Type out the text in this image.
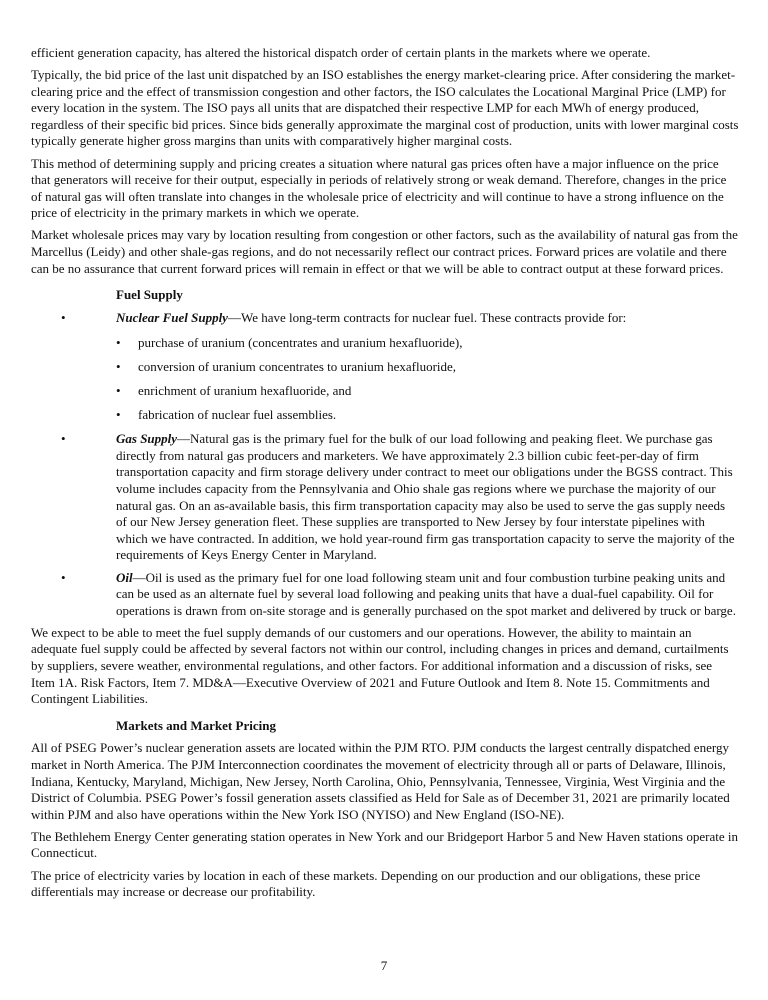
efficient generation capacity, has altered the historical dispatch order of certain plants in the markets where we operate.

Typically, the bid price of the last unit dispatched by an ISO establishes the energy market-clearing price. After considering the market-clearing price and the effect of transmission congestion and other factors, the ISO calculates the Locational Marginal Price (LMP) for every location in the system. The ISO pays all units that are dispatched their respective LMP for each MWh of energy produced, regardless of their specific bid prices. Since bids generally approximate the marginal cost of production, units with lower marginal costs typically generate higher gross margins than units with comparatively higher marginal costs.

This method of determining supply and pricing creates a situation where natural gas prices often have a major influence on the price that generators will receive for their output, especially in periods of relatively strong or weak demand. Therefore, changes in the price of natural gas will often translate into changes in the wholesale price of electricity and will continue to have a strong influence on the price of electricity in the primary markets in which we operate.

Market wholesale prices may vary by location resulting from congestion or other factors, such as the availability of natural gas from the Marcellus (Leidy) and other shale-gas regions, and do not necessarily reflect our contract prices. Forward prices are volatile and there can be no assurance that current forward prices will remain in effect or that we will be able to contract output at these forward prices.

Fuel Supply
•	Nuclear Fuel Supply—We have long-term contracts for nuclear fuel. These contracts provide for:
• purchase of uranium (concentrates and uranium hexafluoride),
• conversion of uranium concentrates to uranium hexafluoride,
• enrichment of uranium hexafluoride, and
• fabrication of nuclear fuel assemblies.
•	Gas Supply—Natural gas is the primary fuel for the bulk of our load following and peaking fleet. We purchase gas directly from natural gas producers and marketers. We have approximately 2.3 billion cubic feet-per-day of firm transportation capacity and firm storage delivery under contract to meet our obligations under the BGSS contract. This volume includes capacity from the Pennsylvania and Ohio shale gas regions where we purchase the majority of our natural gas. On an as-available basis, this firm transportation capacity may also be used to serve the gas supply needs of our New Jersey generation fleet. These supplies are transported to New Jersey by four interstate pipelines with which we have contracted. In addition, we hold year-round firm gas transportation capacity to serve the majority of the requirements of Keys Energy Center in Maryland.
•	Oil—Oil is used as the primary fuel for one load following steam unit and four combustion turbine peaking units and can be used as an alternate fuel by several load following and peaking units that have a dual-fuel capability. Oil for operations is drawn from on-site storage and is generally purchased on the spot market and delivered by truck or barge.

We expect to be able to meet the fuel supply demands of our customers and our operations. However, the ability to maintain an adequate fuel supply could be affected by several factors not within our control, including changes in prices and demand, curtailments by suppliers, severe weather, environmental regulations, and other factors. For additional information and a discussion of risks, see Item 1A. Risk Factors, Item 7. MD&A—Executive Overview of 2021 and Future Outlook and Item 8. Note 15. Commitments and Contingent Liabilities.

Markets and Market Pricing

All of PSEG Power’s nuclear generation assets are located within the PJM RTO. PJM conducts the largest centrally dispatched energy market in North America. The PJM Interconnection coordinates the movement of electricity through all or parts of Delaware, Illinois, Indiana, Kentucky, Maryland, Michigan, New Jersey, North Carolina, Ohio, Pennsylvania, Tennessee, Virginia, West Virginia and the District of Columbia. PSEG Power’s fossil generation assets classified as Held for Sale as of December 31, 2021 are primarily located within PJM and also have operations within the New York ISO (NYISO) and New England (ISO-NE).

The Bethlehem Energy Center generating station operates in New York and our Bridgeport Harbor 5 and New Haven stations operate in Connecticut.

The price of electricity varies by location in each of these markets. Depending on our production and our obligations, these price differentials may increase or decrease our profitability.

7
